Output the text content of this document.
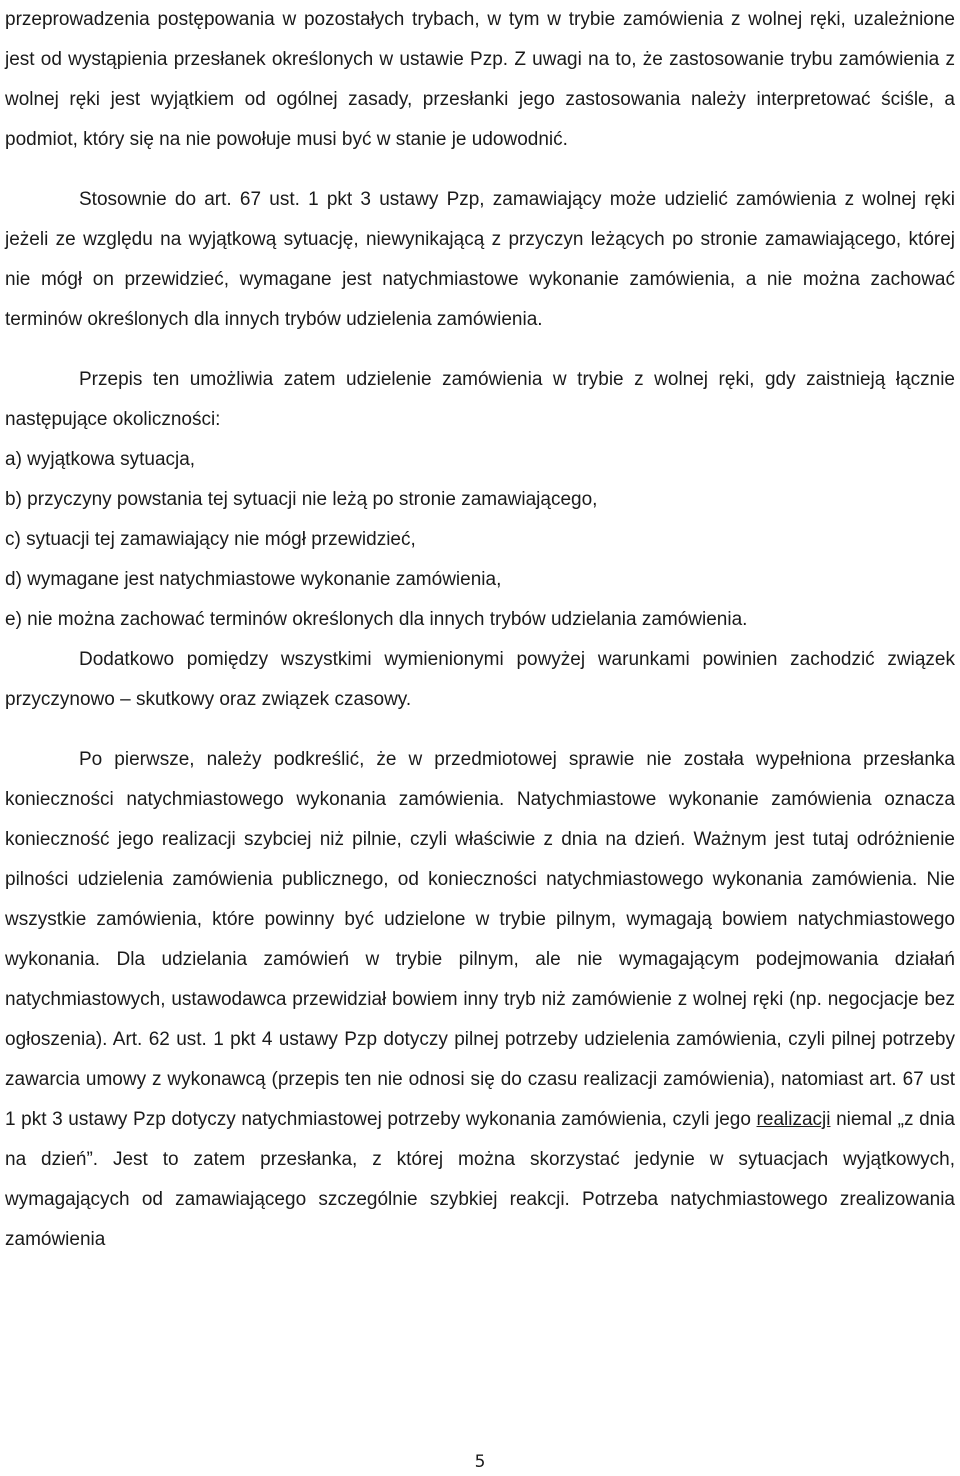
przeprowadzenia postępowania w pozostałych trybach, w tym w trybie zamówienia z wolnej ręki, uzależnione jest od wystąpienia przesłanek określonych w ustawie Pzp. Z uwagi na to, że zastosowanie trybu zamówienia z wolnej ręki jest wyjątkiem od ogólnej zasady, przesłanki jego zastosowania należy interpretować ściśle, a podmiot, który się na nie powołuje musi być w stanie je udowodnić.

Stosownie do art. 67 ust. 1 pkt 3 ustawy Pzp, zamawiający może udzielić zamówienia z wolnej ręki jeżeli ze względu na wyjątkową sytuację, niewynikającą z przyczyn leżących po stronie zamawiającego, której nie mógł on przewidzieć, wymagane jest natychmiastowe wykonanie zamówienia, a nie można zachować terminów określonych dla innych trybów udzielenia zamówienia.

Przepis ten umożliwia zatem udzielenie zamówienia w trybie z wolnej ręki, gdy zaistnieją łącznie następujące okoliczności:

a) wyjątkowa sytuacja,

b) przyczyny powstania tej sytuacji nie leżą po stronie zamawiającego,

c) sytuacji tej zamawiający nie mógł przewidzieć,

d) wymagane jest natychmiastowe wykonanie zamówienia,

e) nie można zachować terminów określonych dla innych trybów udzielania zamówienia.

Dodatkowo pomiędzy wszystkimi wymienionymi powyżej warunkami powinien zachodzić związek przyczynowo – skutkowy oraz związek czasowy.

Po pierwsze, należy podkreślić, że w przedmiotowej sprawie nie została wypełniona przesłanka konieczności natychmiastowego wykonania zamówienia. Natychmiastowe wykonanie zamówienia oznacza konieczność jego realizacji szybciej niż pilnie, czyli właściwie z dnia na dzień. Ważnym jest tutaj odróżnienie pilności udzielenia zamówienia publicznego, od konieczności natychmiastowego wykonania zamówienia. Nie wszystkie zamówienia, które powinny być udzielone w trybie pilnym, wymagają bowiem natychmiastowego wykonania. Dla udzielania zamówień w trybie pilnym, ale nie wymagającym podejmowania działań natychmiastowych, ustawodawca przewidział bowiem inny tryb niż zamówienie z wolnej ręki (np. negocjacje bez ogłoszenia). Art. 62 ust. 1 pkt 4 ustawy Pzp dotyczy pilnej potrzeby udzielenia zamówienia, czyli pilnej potrzeby zawarcia umowy z wykonawcą (przepis ten nie odnosi się do czasu realizacji zamówienia), natomiast art. 67 ust 1 pkt 3 ustawy Pzp dotyczy natychmiastowej potrzeby wykonania zamówienia, czyli jego realizacji niemal „z dnia na dzień”. Jest to zatem przesłanka, z której można skorzystać jedynie w sytuacjach wyjątkowych, wymagających od zamawiającego szczególnie szybkiej reakcji. Potrzeba natychmiastowego zrealizowania zamówienia

5
